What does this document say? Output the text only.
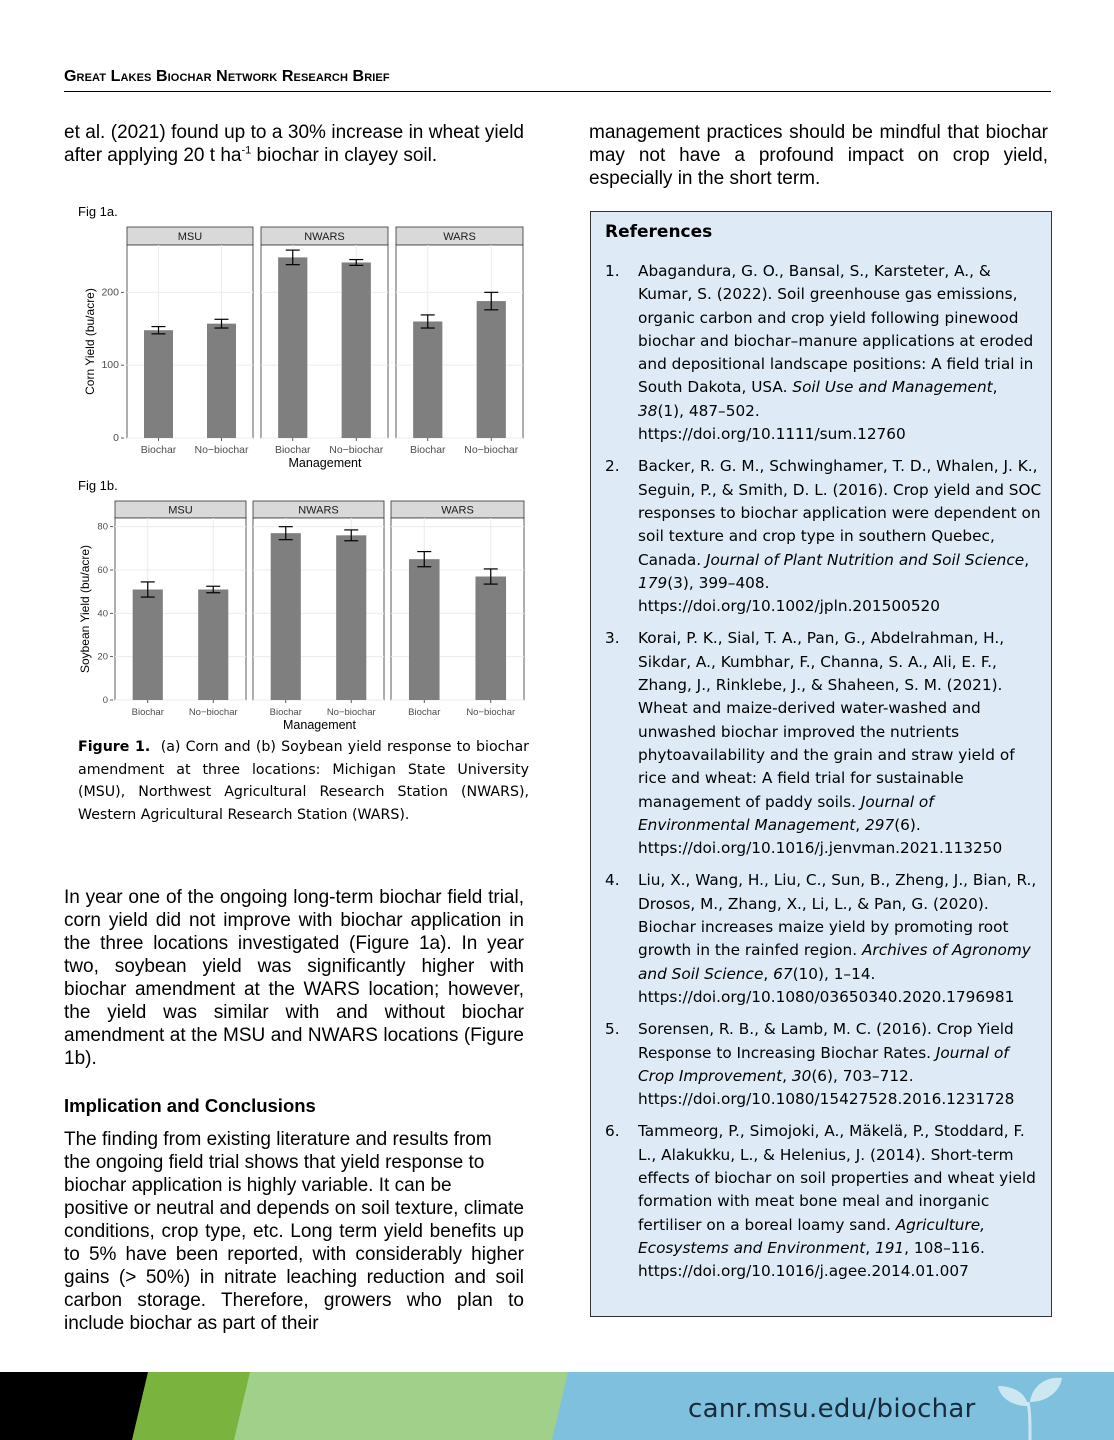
Great Lakes Biochar Network Research Brief

et al. (2021) found up to a 30% increase in wheat yield after applying 20 t $ha^{-1}$ biochar in clayey soil.

management practices should be mindful that biochar may not have a profound impact on crop yield, especially in the short term.

Fig 1a.
0
100
200
Corn Yield (bu/acre)
MSU
Biochar No−biochar
NWARS
Biochar No−biochar
WARS
Biochar No−biochar
Management
Fig 1b.
0
20
40
60
80
Soybean Yield (bu/acre)
MSU
Biochar	No−biochar
NWARS
Biochar	No−biochar
WARS
Biochar	No−biochar
Management
Figure 1. (a) Corn and (b) Soybean yield response to biochar amendment at three locations: Michigan State University (MSU), Northwest Agricultural Research Station (NWARS), Western Agricultural Research Station (WARS).

In year one of the ongoing long-term biochar field trial, corn yield did not improve with biochar application in the three locations investigated (Figure 1a). In year two, soybean yield was significantly higher with biochar amendment at the WARS location; however, the yield was similar with and without biochar amendment at the MSU and NWARS locations (Figure 1b).

Implication and Conclusions
The finding from existing literature and results from
the ongoing field trial shows that yield response to
biochar application is highly variable. It can be
positive or neutral and depends on soil texture, climate conditions, crop type, etc. Long term yield benefits up to 5% have been reported, with considerably higher gains (> 50%) in nitrate leaching reduction and soil carbon storage. Therefore, growers who plan to include biochar as part of their
References
1. Abagandura, G. O., Bansal, S., Karsteter, A., & Kumar, S. (2022). Soil greenhouse gas emissions, organic carbon and crop yield following pinewood biochar and biochar–manure applications at eroded and depositional landscape positions: A field trial in South Dakota, USA. Soil Use and Management, 38(1), 487–502.
https://doi.org/10.1111/sum.12760
2. Backer, R. G. M., Schwinghamer, T. D., Whalen, J. K., Seguin, P., & Smith, D. L. (2016). Crop yield and SOC responses to biochar application were dependent on soil texture and crop type in southern Quebec, Canada. Journal of Plant Nutrition and Soil Science, 179(3), 399–408.
https://doi.org/10.1002/jpln.201500520
3. Korai, P. K., Sial, T. A., Pan, G., Abdelrahman, H., Sikdar, A., Kumbhar, F., Channa, S. A., Ali, E. F., Zhang, J., Rinklebe, J., & Shaheen, S. M. (2021). Wheat and maize-derived water-washed and unwashed biochar improved the nutrients phytoavailability and the grain and straw yield of rice and wheat: A field trial for sustainable management of paddy soils. Journal of Environmental Management, 297(6).
https://doi.org/10.1016/j.jenvman.2021.113250
4. Liu, X., Wang, H., Liu, C., Sun, B., Zheng, J., Bian, R., Drosos, M., Zhang, X., Li, L., & Pan, G. (2020). Biochar increases maize yield by promoting root growth in the rainfed region. Archives of Agronomy and Soil Science, 67(10), 1–14.
https://doi.org/10.1080/03650340.2020.1796981
5. Sorensen, R. B., & Lamb, M. C. (2016). Crop Yield Response to Increasing Biochar Rates. Journal of Crop Improvement, 30(6), 703–712.
https://doi.org/10.1080/15427528.2016.1231728
6. Tammeorg, P., Simojoki, A., Mäkelä, P., Stoddard, F. L., Alakukku, L., & Helenius, J. (2014). Short-term effects of biochar on soil properties and wheat yield formation with meat bone meal and inorganic fertiliser on a boreal loamy sand. Agriculture, Ecosystems and Environment, 191, 108–116.
https://doi.org/10.1016/j.agee.2014.01.007
canr.msu.edu/biochar
